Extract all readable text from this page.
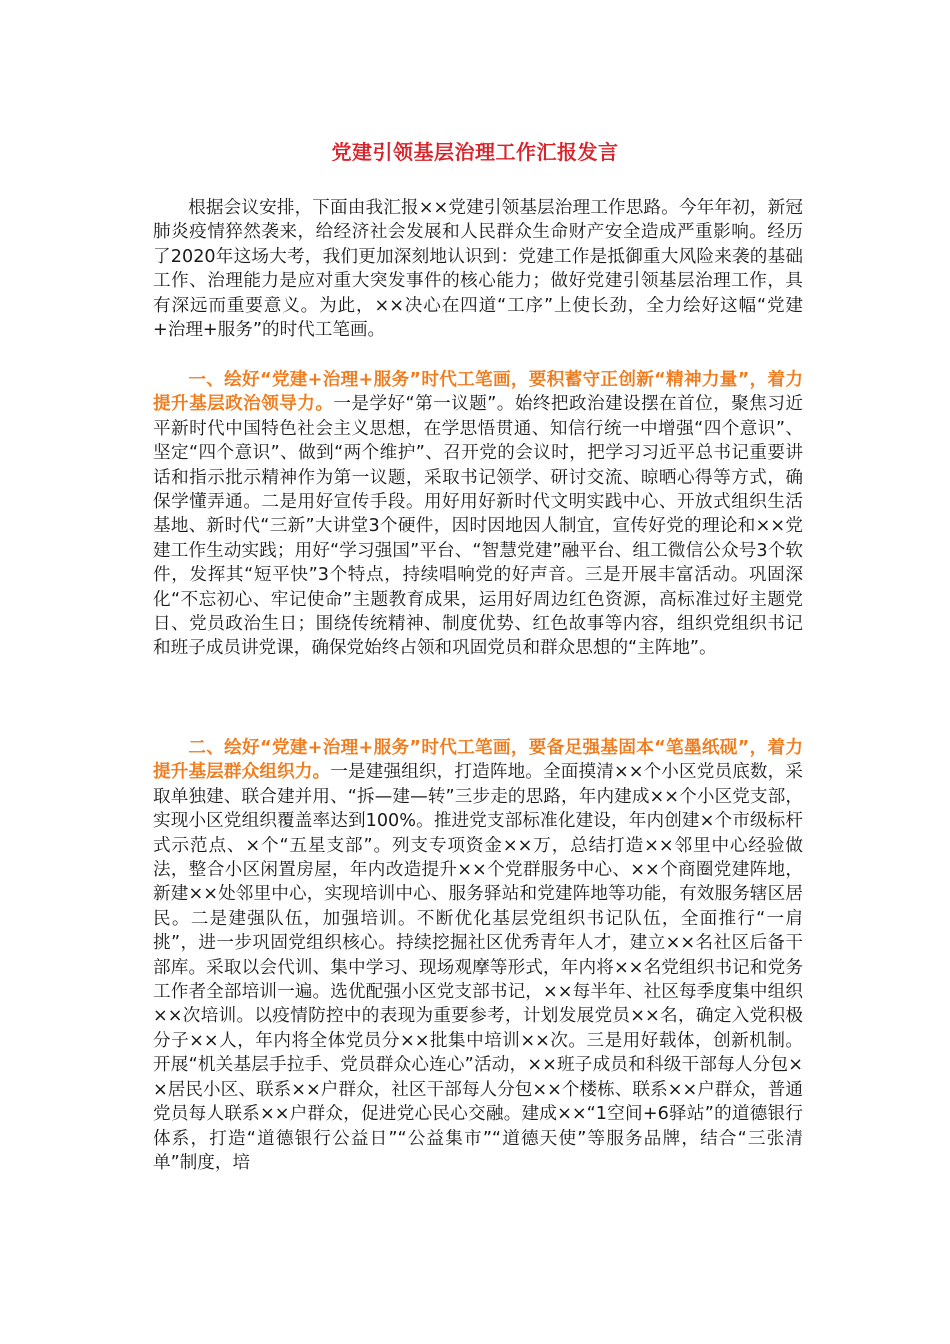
党建引领基层治理工作汇报发言

根据会议安排，下面由我汇报××党建引领基层治理工作思路。今年年初，新冠肺炎疫情猝然袭来，给经济社会发展和人民群众生命财产安全造成严重影响。经历了2020年这场大考，我们更加深刻地认识到：党建工作是抵御重大风险来袭的基础工作、治理能力是应对重大突发事件的核心能力；做好党建引领基层治理工作，具有深远而重要意义。为此，××决心在四道“工序”上使长劲，全力绘好这幅“党建+治理+服务”的时代工笔画。

一、绘好“党建+治理+服务”时代工笔画，要积蓄守正创新“精神力量”，着力提升基层政治领导力。一是学好“第一议题”。始终把政治建设摆在首位，聚焦习近平新时代中国特色社会主义思想，在学思悟贯通、知信行统一中增强“四个意识”、坚定“四个意识”、做到“两个维护”、召开党的会议时，把学习习近平总书记重要讲话和指示批示精神作为第一议题，采取书记领学、研讨交流、晾晒心得等方式，确保学懂弄通。二是用好宣传手段。用好用好新时代文明实践中心、开放式组织生活基地、新时代“三新”大讲堂3个硬件，因时因地因人制宜，宣传好党的理论和××党建工作生动实践；用好“学习强国”平台、“智慧党建”融平台、组工微信公众号3个软件，发挥其“短平快”3个特点，持续唱响党的好声音。三是开展丰富活动。巩固深化“不忘初心、牢记使命”主题教育成果，运用好周边红色资源，高标准过好主题党日、党员政治生日；围绕传统精神、制度优势、红色故事等内容，组织党组织书记和班子成员讲党课，确保党始终占领和巩固党员和群众思想的“主阵地”。

二、绘好“党建+治理+服务”时代工笔画，要备足强基固本“笔墨纸砚”，着力提升基层群众组织力。一是建强组织，打造阵地。全面摸清××个小区党员底数，采取单独建、联合建并用、“拆—建—转”三步走的思路，年内建成××个小区党支部，实现小区党组织覆盖率达到100%。推进党支部标准化建设，年内创建×个市级标杆式示范点、×个“五星支部”。列支专项资金××万，总结打造××邻里中心经验做法，整合小区闲置房屋，年内改造提升××个党群服务中心、××个商圈党建阵地，新建××处邻里中心，实现培训中心、服务驿站和党建阵地等功能，有效服务辖区居民。二是建强队伍，加强培训。不断优化基层党组织书记队伍，全面推行“一肩挑”，进一步巩固党组织核心。持续挖掘社区优秀青年人才，建立××名社区后备干部库。采取以会代训、集中学习、现场观摩等形式，年内将××名党组织书记和党务工作者全部培训一遍。选优配强小区党支部书记，××每半年、社区每季度集中组织××次培训。以疫情防控中的表现为重要参考，计划发展党员××名，确定入党积极分子××人，年内将全体党员分××批集中培训××次。三是用好载体，创新机制。开展“机关基层手拉手、党员群众心连心”活动，××班子成员和科级干部每人分包××居民小区、联系××户群众，社区干部每人分包××个楼栋、联系××户群众，普通党员每人联系××户群众，促进党心民心交融。建成××“1空间+6驿站”的道德银行体系，打造“道德银行公益日”“公益集市”“道德天使”等服务品牌，结合“三张清单”制度，培
